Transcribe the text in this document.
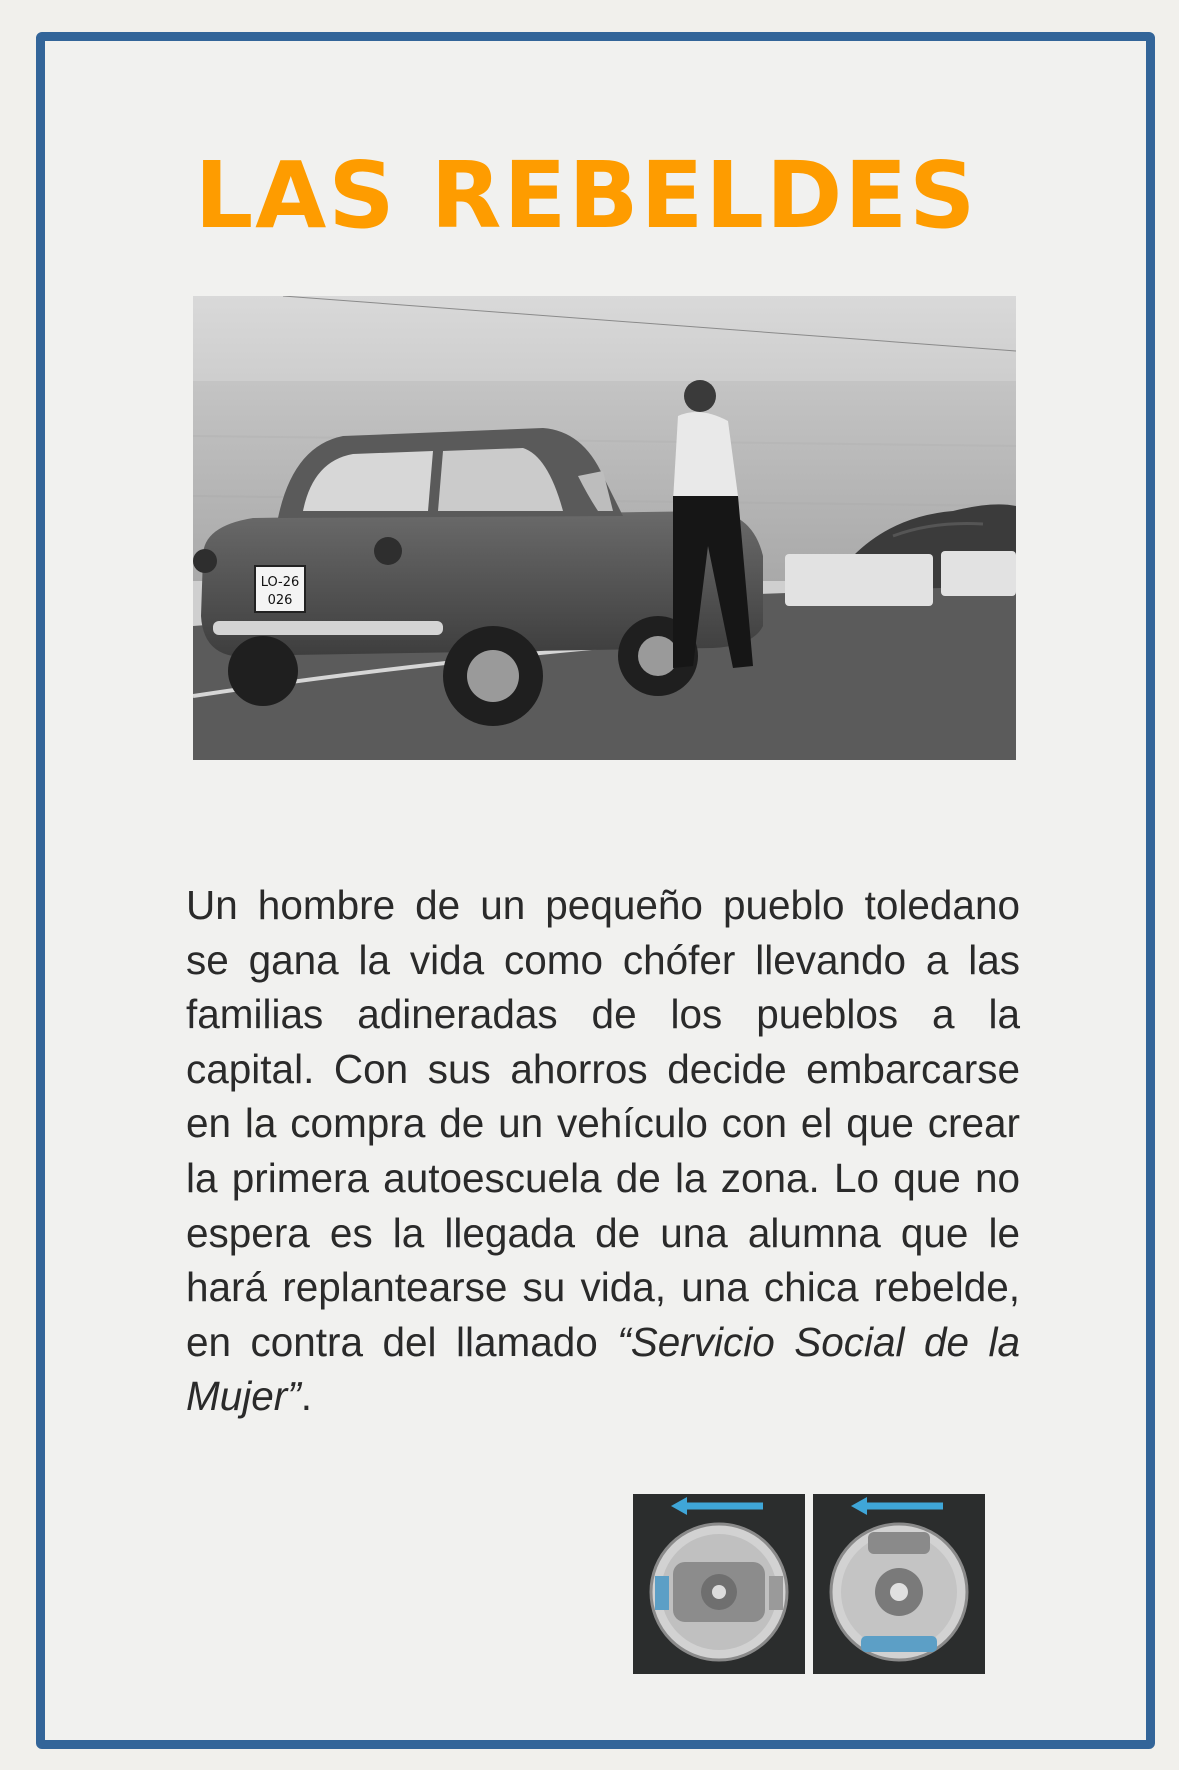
LAS REBELDES
LO-26
026

Un hombre de un pequeño pueblo toledano se gana la vida como chófer llevando a las familias adineradas de los pueblos a la capital. Con sus ahorros decide embarcarse en la compra de un vehículo con el que crear la primera autoescuela de la zona. Lo que no espera es la llegada de una alumna que le hará replantearse su vida, una chica rebelde, en contra del llamado “Servicio Social de la Mujer”.
